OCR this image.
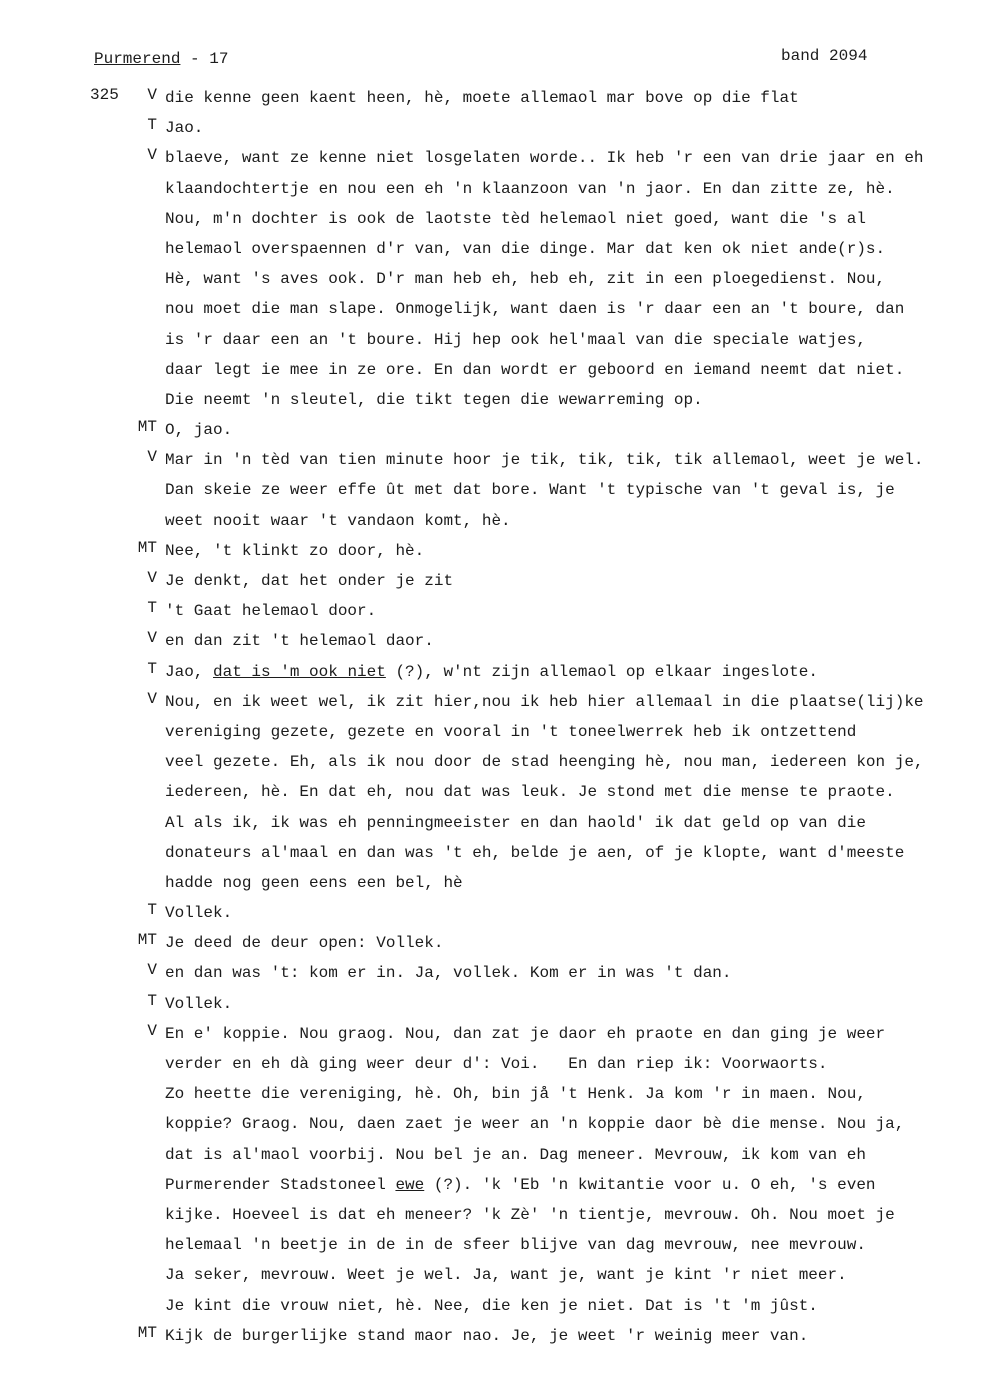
Purmerend - 17	band 2094
325	V die kenne geen kaent heen, hè, moete allemaol mar bove op die flat
T Jao.
V blaeve, want ze kenne niet losgelaten worde.. Ik heb 'r een van drie jaar en eh
klaandochtertje en nou een eh 'n klaanzoon van 'n jaor. En dan zitte ze, hè.
Nou, m'n dochter is ook de laotste tèd helemaol niet goed, want die 's al
helemaol overspaennen d'r van, van die dinge. Mar dat ken ok niet ande(r)s.
Hè, want 's aves ook. D'r man heb eh, heb eh, zit in een ploegedienst. Nou,
nou moet die man slape. Onmogelijk, want daen is 'r daar een an 't boure, dan
is 'r daar een an 't boure. Hij hep ook hel'maal van die speciale watjes,
daar legt ie mee in ze ore. En dan wordt er geboord en iemand neemt dat niet.
Die neemt 'n sleutel, die tikt tegen die wewarreming op.
MT O, jao.
V Mar in 'n tèd van tien minute hoor je tik, tik, tik, tik allemaol, weet je wel.
Dan skeie ze weer effe ût met dat bore. Want 't typische van 't geval is, je
weet nooit waar 't vandaon komt, hè.
MT Nee, 't klinkt zo door, hè.
V Je denkt, dat het onder je zit
T 't Gaat helemaol door.
V en dan zit 't helemaol daor.
T Jao, dat is 'm ook niet (?), w'nt zijn allemaol op elkaar ingeslote.
V Nou, en ik weet wel, ik zit hier,nou ik heb hier allemaal in die plaatse(lij)ke
vereniging gezete, gezete en vooral in 't toneelwerrek heb ik ontzettend
veel gezete. Eh, als ik nou door de stad heenging hè, nou man, iedereen kon je,
iedereen, hè. En dat eh, nou dat was leuk. Je stond met die mense te praote.
Al als ik, ik was eh penningmeeister en dan haold' ik dat geld op van die
donateurs al'maal en dan was 't eh, belde je aen, of je klopte, want d'meeste
hadde nog geen eens een bel, hè
T Vollek.
MT Je deed de deur open: Vollek.
V en dan was 't: kom er in. Ja, vollek. Kom er in was 't dan.
T Vollek.
V En e' koppie. Nou graog. Nou, dan zat je daor eh praote en dan ging je weer
verder en eh dà ging weer deur d': Voi.   En dan riep ik: Voorwaorts.
Zo heette die vereniging, hè. Oh, bin jå 't Henk. Ja kom 'r in maen. Nou,
koppie? Graog. Nou, daen zaet je weer an 'n koppie daor bè die mense. Nou ja,
dat is al'maol voorbij. Nou bel je an. Dag meneer. Mevrouw, ik kom van eh
Purmerender Stadstoneel ewe (?). 'k 'Eb 'n kwitantie voor u. O eh, 's even
kijke. Hoeveel is dat eh meneer? 'k Zè' 'n tientje, mevrouw. Oh. Nou moet je
helemaal 'n beetje in de in de sfeer blijve van dag mevrouw, nee mevrouw.
Ja seker, mevrouw. Weet je wel. Ja, want je, want je kint 'r niet meer.
Je kint die vrouw niet, hè. Nee, die ken je niet. Dat is 't 'm jûst.
MT Kijk de burgerlijke stand maor nao. Je, je weet 'r weinig meer van.
